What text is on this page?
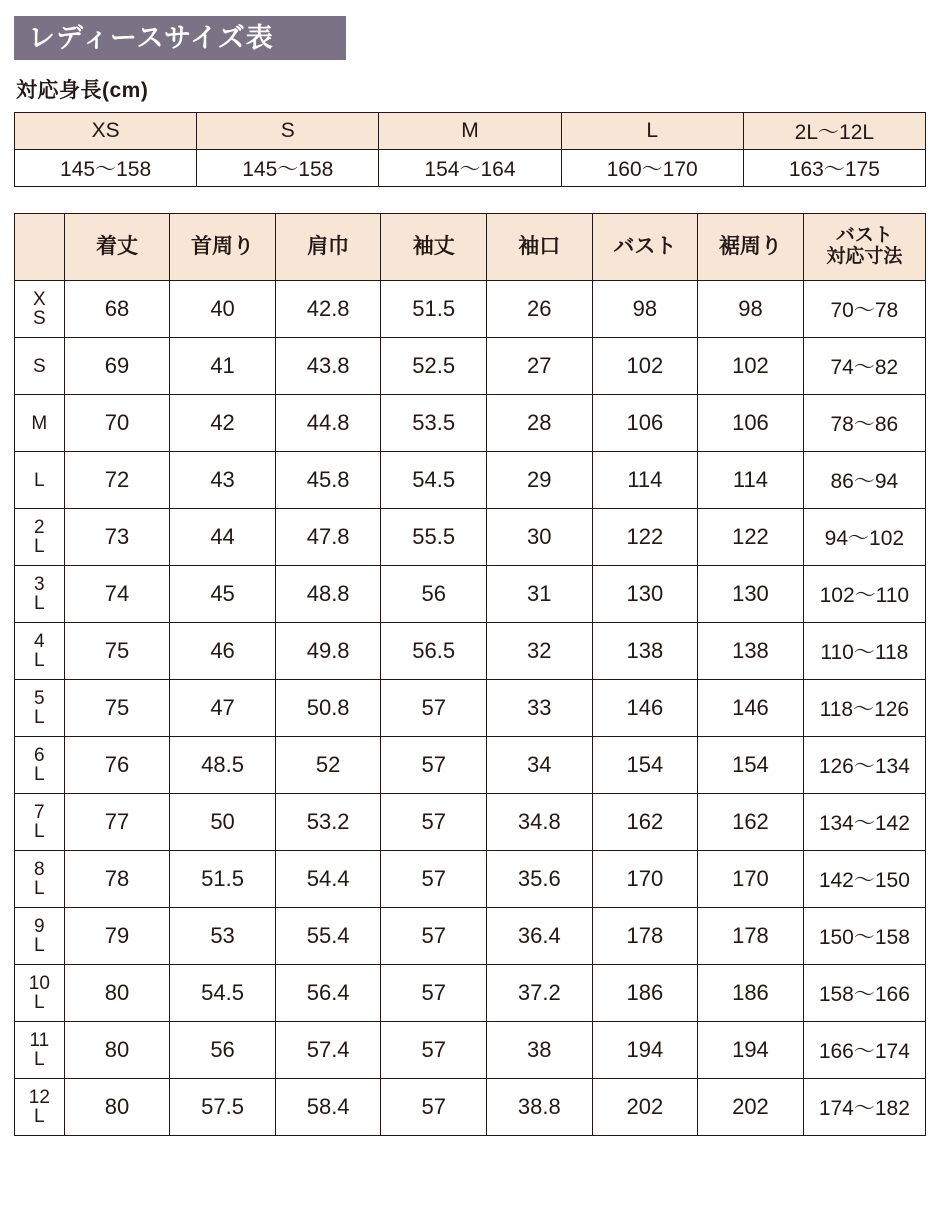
レディースサイズ表
対応身長(cm)
XS	S	M	L	2L〜12L
145〜158	145〜158	154〜164	160〜170	163〜175
	着丈	首周り	肩巾	袖丈	袖口	バスト	裾周り	バスト
対応寸法

X
S	68	40	42.8	51.5	26	98	98	70〜78

S	69	41	43.8	52.5	27	102	102	74〜82

M	70	42	44.8	53.5	28	106	106	78〜86

L	72	43	45.8	54.5	29	114	114	86〜94

2
L	73	44	47.8	55.5	30	122	122	94〜102

3
L	74	45	48.8	56	31	130	130	102〜110

4
L	75	46	49.8	56.5	32	138	138	110〜118

5
L	75	47	50.8	57	33	146	146	118〜126

6
L	76	48.5	52	57	34	154	154	126〜134

7
L	77	50	53.2	57	34.8	162	162	134〜142

8
L	78	51.5	54.4	57	35.6	170	170	142〜150

9
L	79	53	55.4	57	36.4	178	178	150〜158

10
L	80	54.5	56.4	57	37.2	186	186	158〜166

11
L	80	56	57.4	57	38	194	194	166〜174

12
L	80	57.5	58.4	57	38.8	202	202	174〜182
